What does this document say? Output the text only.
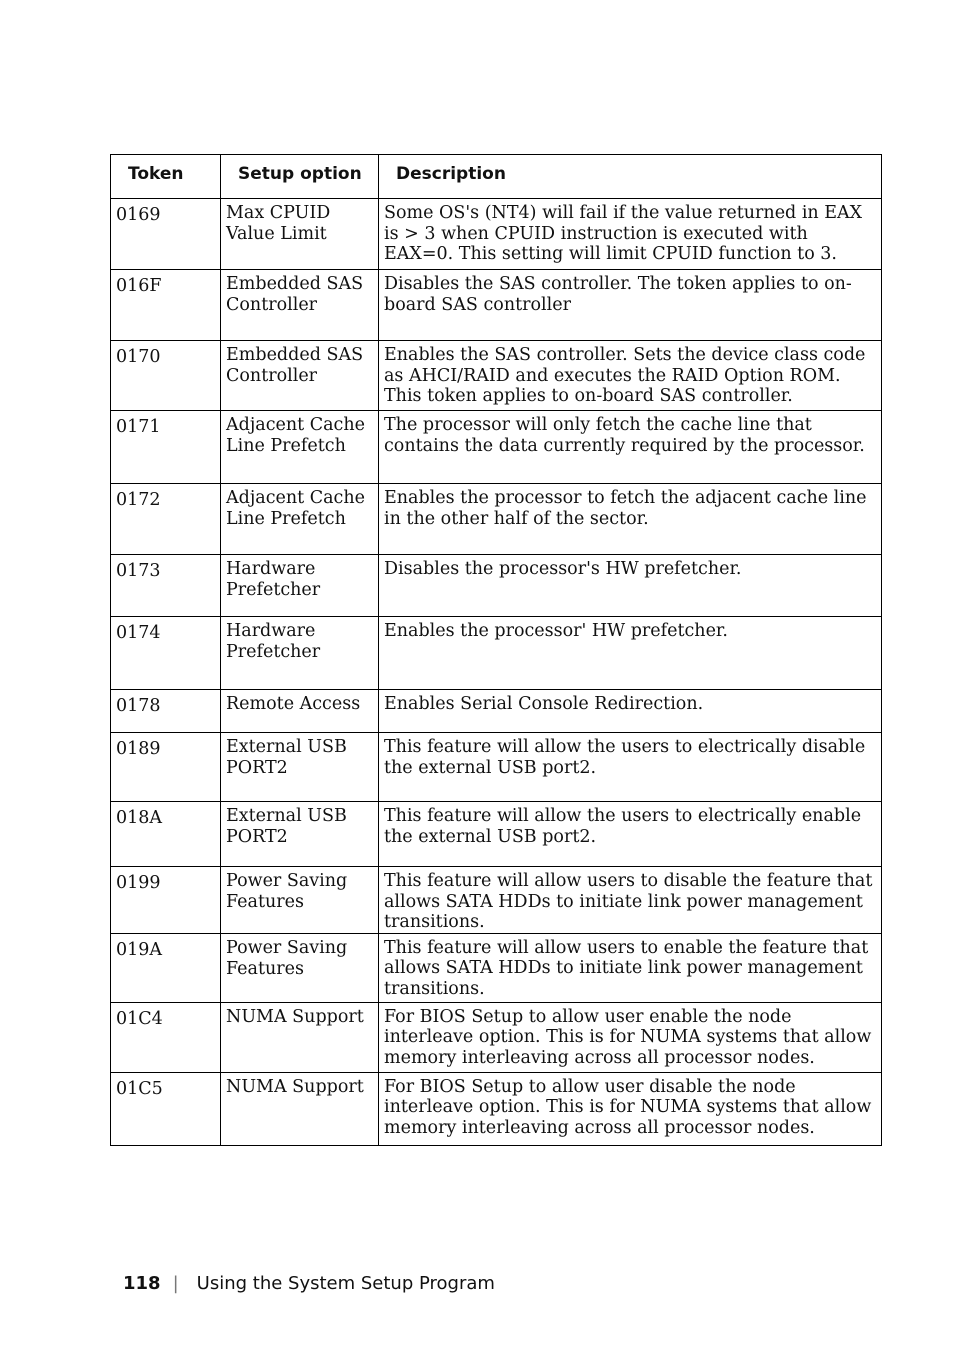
Token	Setup option	Description

0169	Max CPUID Value Limit	Some OS's (NT4) will fail if the value returned in EAX is > 3 when CPUID instruction is executed with EAX=0. This setting will limit CPUID function to 3.

016F	Embedded SAS Controller	Disables the SAS controller. The token applies to on-board SAS controller

0170	Embedded SAS Controller	Enables the SAS controller. Sets the device class code as AHCI/RAID and executes the RAID Option ROM. This token applies to on-board SAS controller.

0171	Adjacent Cache Line Prefetch	The processor will only fetch the cache line that contains the data currently required by the processor.

0172	Adjacent Cache Line Prefetch	Enables the processor to fetch the adjacent cache line in the other half of the sector.

0173	Hardware Prefetcher	Disables the processor's HW prefetcher.

0174	Hardware Prefetcher	Enables the processor' HW prefetcher.

0178	Remote Access	Enables Serial Console Redirection.

0189	External USB PORT2	This feature will allow the users to electrically disable the external USB port2.

018A	External USB PORT2	This feature will allow the users to electrically enable the external USB port2.

0199	Power Saving Features	This feature will allow users to disable the feature that allows SATA HDDs to initiate link power management transitions.

019A	Power Saving Features	This feature will allow users to enable the feature that allows SATA HDDs to initiate link power management transitions.

01C4	NUMA Support	For BIOS Setup to allow user enable the node interleave option. This is for NUMA systems that allow memory interleaving across all processor nodes.

01C5	NUMA Support	For BIOS Setup to allow user disable the node interleave option. This is for NUMA systems that allow memory interleaving across all processor nodes.
118 | Using the System Setup Program
